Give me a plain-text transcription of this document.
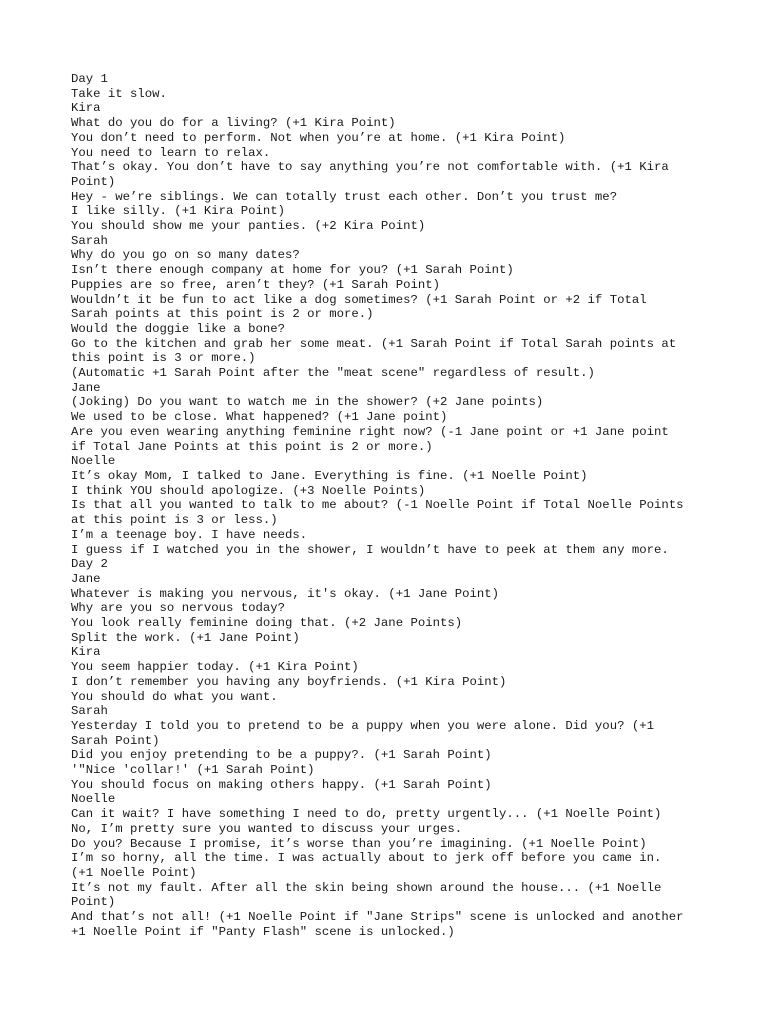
Day 1

Take it slow.

Kira

What do you do for a living? (+1 Kira Point)

You don’t need to perform. Not when you’re at home. (+1 Kira Point)

You need to learn to relax.

That’s okay. You don’t have to say anything you’re not comfortable with. (+1 Kira
Point)

Hey - we’re siblings. We can totally trust each other. Don’t you trust me?

I like silly. (+1 Kira Point)

You should show me your panties. (+2 Kira Point)

Sarah

Why do you go on so many dates?

Isn’t there enough company at home for you? (+1 Sarah Point)

Puppies are so free, aren’t they? (+1 Sarah Point)

Wouldn’t it be fun to act like a dog sometimes? (+1 Sarah Point or +2 if Total
Sarah points at this point is 2 or more.)

Would the doggie like a bone?

Go to the kitchen and grab her some meat. (+1 Sarah Point if Total Sarah points at
this point is 3 or more.)

(Automatic +1 Sarah Point after the "meat scene" regardless of result.)

Jane

(Joking) Do you want to watch me in the shower? (+2 Jane points)

We used to be close. What happened? (+1 Jane point)

Are you even wearing anything feminine right now? (-1 Jane point or +1 Jane point
if Total Jane Points at this point is 2 or more.)

Noelle

It’s okay Mom, I talked to Jane. Everything is fine. (+1 Noelle Point)

I think YOU should apologize. (+3 Noelle Points)

Is that all you wanted to talk to me about? (-1 Noelle Point if Total Noelle Points
at this point is 3 or less.)

I’m a teenage boy. I have needs.

I guess if I watched you in the shower, I wouldn’t have to peek at them any more.

Day 2

Jane

Whatever is making you nervous, it's okay. (+1 Jane Point)

Why are you so nervous today?

You look really feminine doing that. (+2 Jane Points)

Split the work. (+1 Jane Point)

Kira

You seem happier today. (+1 Kira Point)

I don’t remember you having any boyfriends. (+1 Kira Point)

You should do what you want.

Sarah

Yesterday I told you to pretend to be a puppy when you were alone. Did you? (+1
Sarah Point)

Did you enjoy pretending to be a puppy?. (+1 Sarah Point)

'"Nice 'collar!' (+1 Sarah Point)

You should focus on making others happy. (+1 Sarah Point)

Noelle

Can it wait? I have something I need to do, pretty urgently... (+1 Noelle Point)

No, I’m pretty sure you wanted to discuss your urges.

Do you? Because I promise, it’s worse than you’re imagining. (+1 Noelle Point)

I’m so horny, all the time. I was actually about to jerk off before you came in.
(+1 Noelle Point)

It’s not my fault. After all the skin being shown around the house... (+1 Noelle
Point)

And that’s not all! (+1 Noelle Point if "Jane Strips" scene is unlocked and another
+1 Noelle Point if "Panty Flash" scene is unlocked.)
